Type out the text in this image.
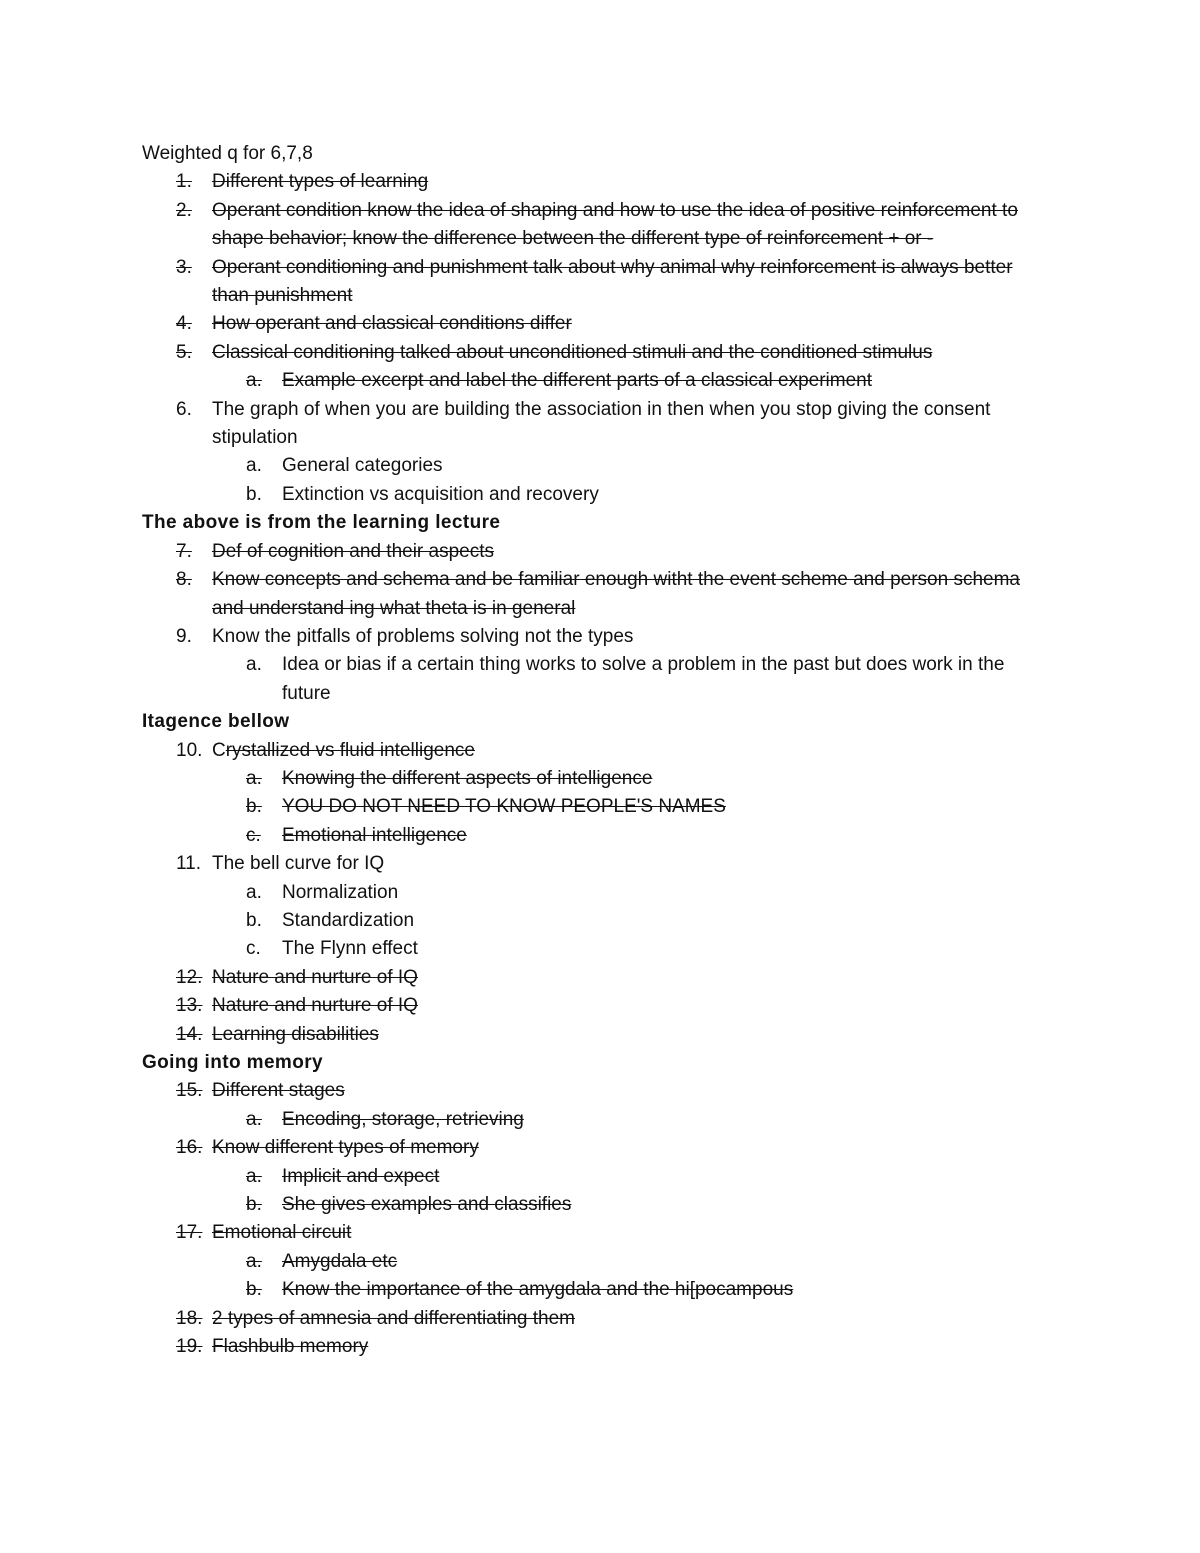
Weighted q for 6,7,8
1. Different types of learning
2. Operant condition know the idea of shaping and how to use the idea of positive reinforcement to shape behavior; know the difference between the different type of reinforcement + or -
3. Operant conditioning and punishment talk about why animal why reinforcement is always better than punishment
4. How operant and classical conditions differ
5. Classical conditioning talked about unconditioned stimuli and the conditioned stimulus
a. Example excerpt and label the different parts of a classical experiment
6. The graph of when you are building the association in then when you stop giving the consent stipulation
a. General categories
b. Extinction vs acquisition and recovery
The above is from the learning lecture
7. Def of cognition and their aspects
8. Know concepts and schema and be familiar enough witht the event scheme and person schema and understand ing what theta is in general
9. Know the pitfalls of problems solving not the types
a. Idea or bias if a certain thing works to solve a problem in the past but does work in the future
Itagence bellow
10. Crystallized vs fluid intelligence
a. Knowing the different aspects of intelligence
b. YOU DO NOT NEED TO KNOW PEOPLE'S NAMES
c. Emotional intelligence
11. The bell curve for IQ
a. Normalization
b. Standardization
c. The Flynn effect
12. Nature and nurture of IQ
13. Nature and nurture of IQ
14. Learning disabilities
Going into memory
15. Different stages
a. Encoding, storage, retrieving
16. Know different types of memory
a. Implicit and expect
b. She gives examples and classifies
17. Emotional circuit
a. Amygdala etc
b. Know the importance of the amygdala and the hi[pocampous
18. 2 types of amnesia and differentiating them
19. Flashbulb memory
